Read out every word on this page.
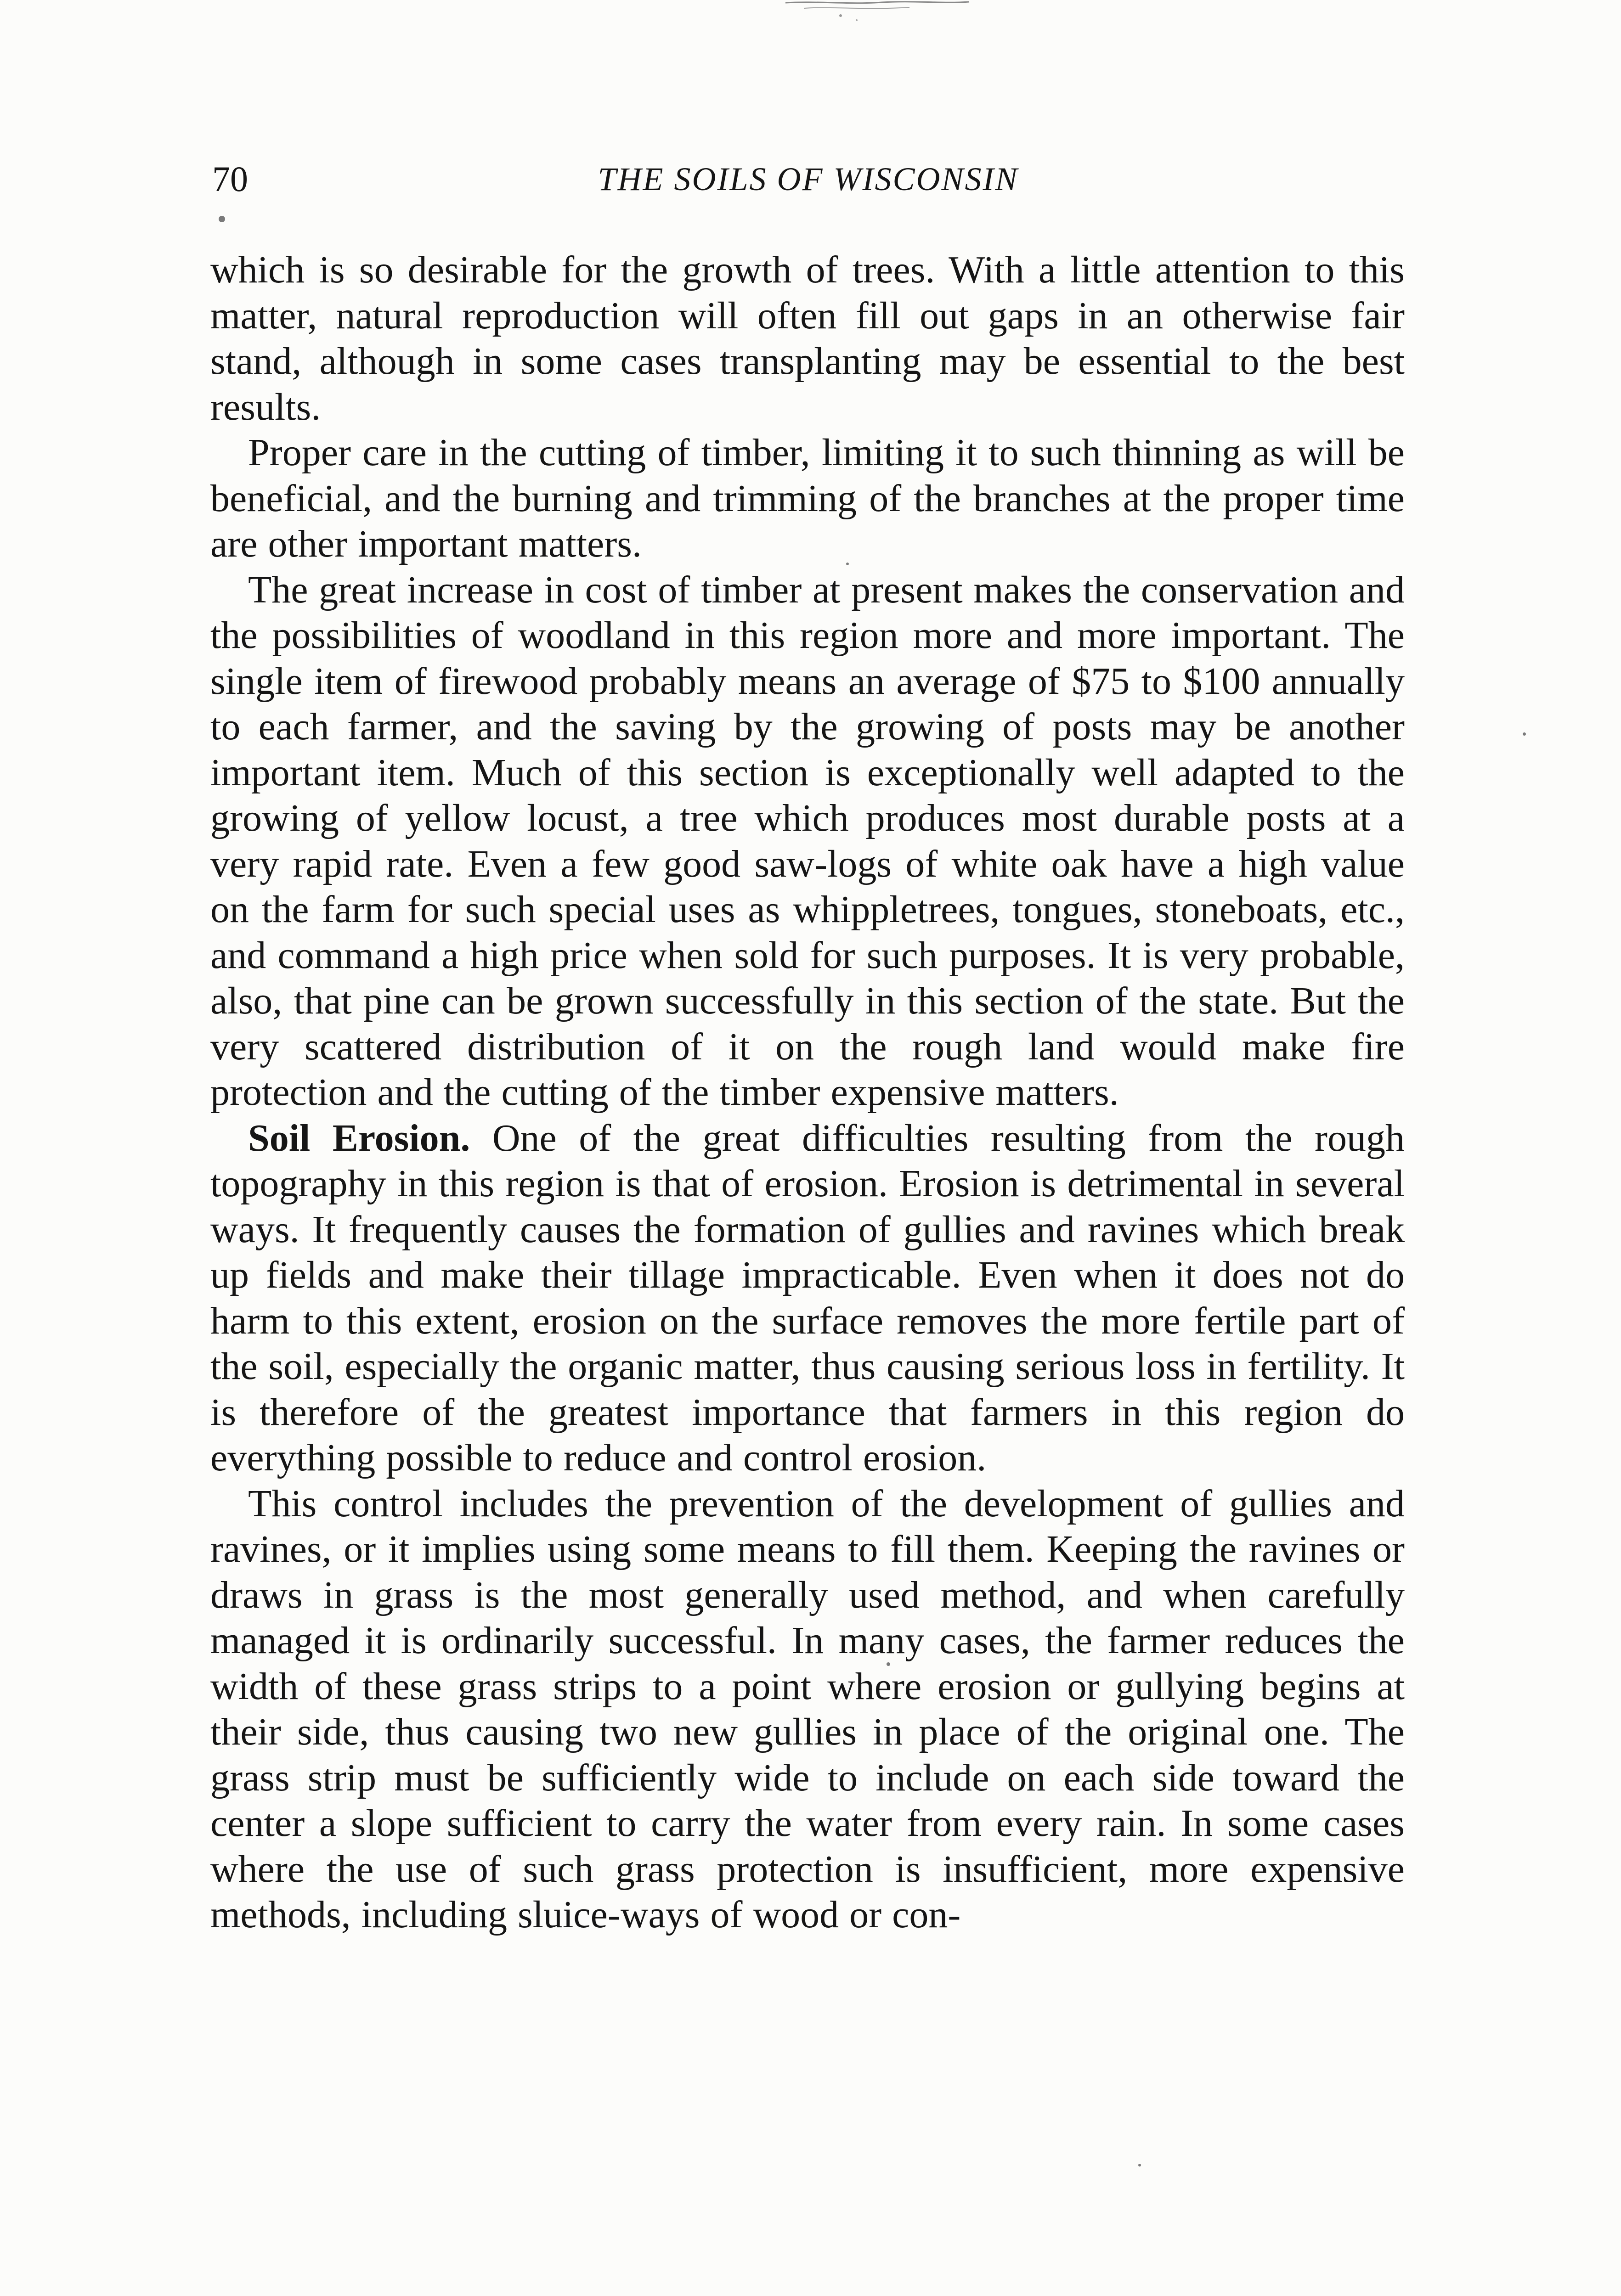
70	THE SOILS OF WISCONSIN

which is so desirable for the growth of trees. With a little attention to this matter, natural reproduction will often fill out gaps in an otherwise fair stand, although in some cases transplanting may be essential to the best results.

Proper care in the cutting of timber, limiting it to such thinning as will be beneficial, and the burning and trimming of the branches at the proper time are other important matters.

The great increase in cost of timber at present makes the conservation and the possibilities of woodland in this region more and more important. The single item of firewood probably means an average of $75 to $100 annually to each farmer, and the saving by the growing of posts may be another important item. Much of this section is exceptionally well adapted to the growing of yellow locust, a tree which produces most durable posts at a very rapid rate. Even a few good saw-logs of white oak have a high value on the farm for such special uses as whippletrees, tongues, stoneboats, etc., and command a high price when sold for such purposes. It is very probable, also, that pine can be grown successfully in this section of the state. But the very scattered distribution of it on the rough land would make fire protection and the cutting of the timber expensive matters.

Soil Erosion. One of the great difficulties resulting from the rough topography in this region is that of erosion. Erosion is detrimental in several ways. It frequently causes the formation of gullies and ravines which break up fields and make their tillage impracticable. Even when it does not do harm to this extent, erosion on the surface removes the more fertile part of the soil, especially the organic matter, thus causing serious loss in fertility. It is therefore of the greatest importance that farmers in this region do everything possible to reduce and control erosion.

This control includes the prevention of the development of gullies and ravines, or it implies using some means to fill them. Keeping the ravines or draws in grass is the most generally used method, and when carefully managed it is ordinarily successful. In many cases, the farmer reduces the width of these grass strips to a point where erosion or gullying begins at their side, thus causing two new gullies in place of the original one. The grass strip must be sufficiently wide to include on each side toward the center a slope sufficient to carry the water from every rain. In some cases where the use of such grass protection is insufficient, more expensive methods, including sluice-ways of wood or con-
